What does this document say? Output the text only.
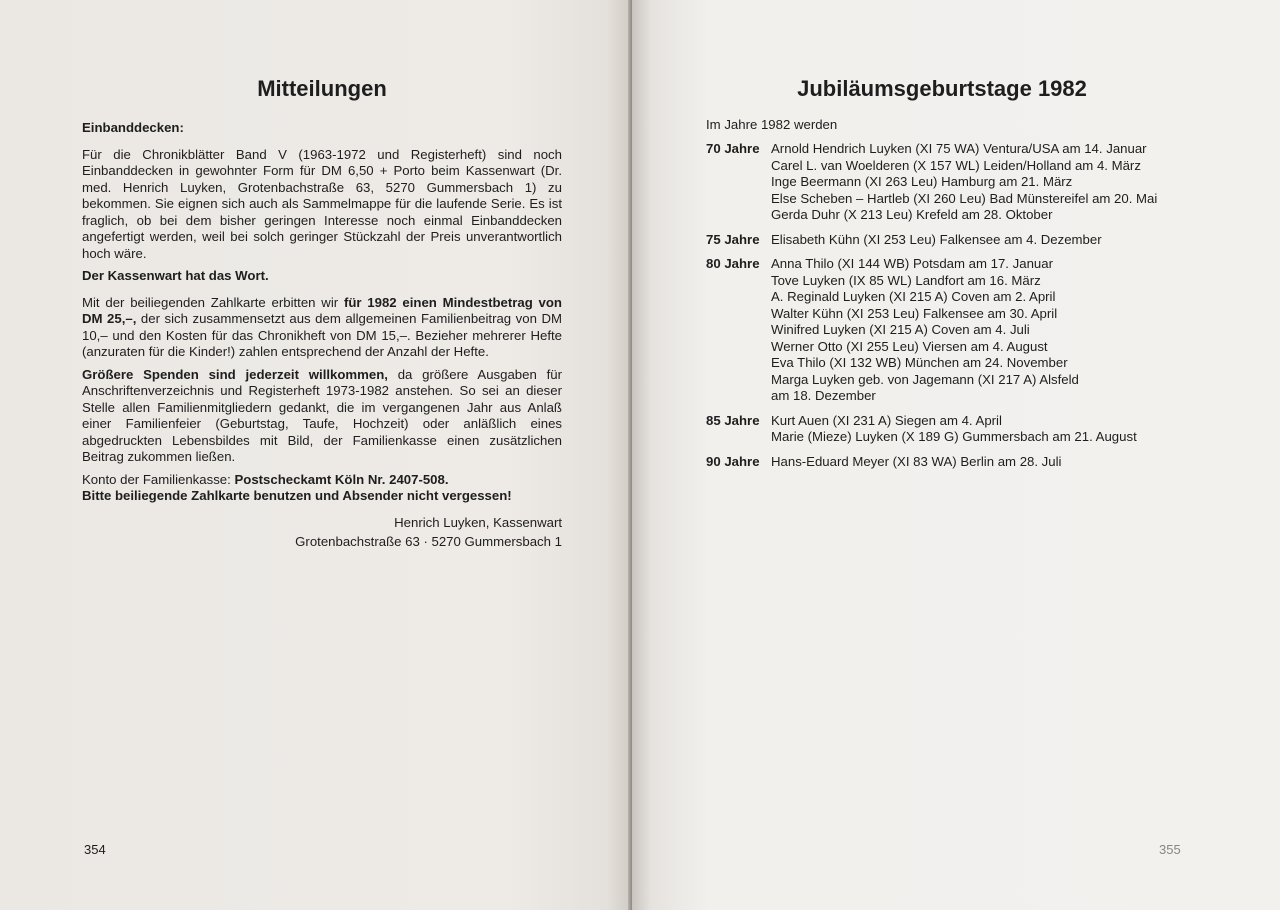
Mitteilungen

Einbanddecken:

Für die Chronikblätter Band V (1963-1972 und Registerheft) sind noch Einbanddecken in gewohnter Form für DM 6,50 + Porto beim Kassenwart (Dr. med. Henrich Luyken, Grotenbachstraße 63, 5270 Gummersbach 1) zu bekommen. Sie eignen sich auch als Sammelmappe für die laufende Serie. Es ist fraglich, ob bei dem bisher geringen Interesse noch einmal Einbanddecken angefertigt werden, weil bei solch geringer Stückzahl der Preis unverantwortlich hoch wäre.

Der Kassenwart hat das Wort.

Mit der beiliegenden Zahlkarte erbitten wir für 1982 einen Mindestbetrag von DM 25,–, der sich zusammensetzt aus dem allgemeinen Familienbeitrag von DM 10,– und den Kosten für das Chronikheft von DM 15,–. Bezieher mehrerer Hefte (anzuraten für die Kinder!) zahlen entsprechend der Anzahl der Hefte.

Größere Spenden sind jederzeit willkommen, da größere Ausgaben für Anschriftenverzeichnis und Registerheft 1973-1982 anstehen. So sei an dieser Stelle allen Familienmitgliedern gedankt, die im vergangenen Jahr aus Anlaß einer Familienfeier (Geburtstag, Taufe, Hochzeit) oder anläßlich eines abgedruckten Lebensbildes mit Bild, der Familienkasse einen zusätzlichen Beitrag zukommen ließen.

Konto der Familienkasse: Postscheckamt Köln Nr. 2407-508.

Bitte beiliegende Zahlkarte benutzen und Absender nicht vergessen!

Henrich Luyken, Kassenwart
Grotenbachstraße 63 · 5270 Gummersbach 1
354
Jubiläumsgeburtstage 1982
Im Jahre 1982 werden
70 Jahre Arnold Hendrich Luyken (XI 75 WA) Ventura/USA am 14. Januar
Carel L. van Woelderen (X 157 WL) Leiden/Holland am 4. März
Inge Beermann (XI 263 Leu) Hamburg am 21. März
Else Scheben – Hartleb (XI 260 Leu) Bad Münstereifel am 20. Mai
Gerda Duhr (X 213 Leu) Krefeld am 28. Oktober
75 Jahre Elisabeth Kühn (XI 253 Leu) Falkensee am 4. Dezember
80 Jahre Anna Thilo (XI 144 WB) Potsdam am 17. Januar
Tove Luyken (IX 85 WL) Landfort am 16. März
A. Reginald Luyken (XI 215 A) Coven am 2. April
Walter Kühn (XI 253 Leu) Falkensee am 30. April
Winifred Luyken (XI 215 A) Coven am 4. Juli
Werner Otto (XI 255 Leu) Viersen am 4. August
Eva Thilo (XI 132 WB) München am 24. November
Marga Luyken geb. von Jagemann (XI 217 A) Alsfeld
am 18. Dezember
85 Jahre Kurt Auen (XI 231 A) Siegen am 4. April
Marie (Mieze) Luyken (X 189 G) Gummersbach am 21. August
90 Jahre Hans-Eduard Meyer (XI 83 WA) Berlin am 28. Juli
355
